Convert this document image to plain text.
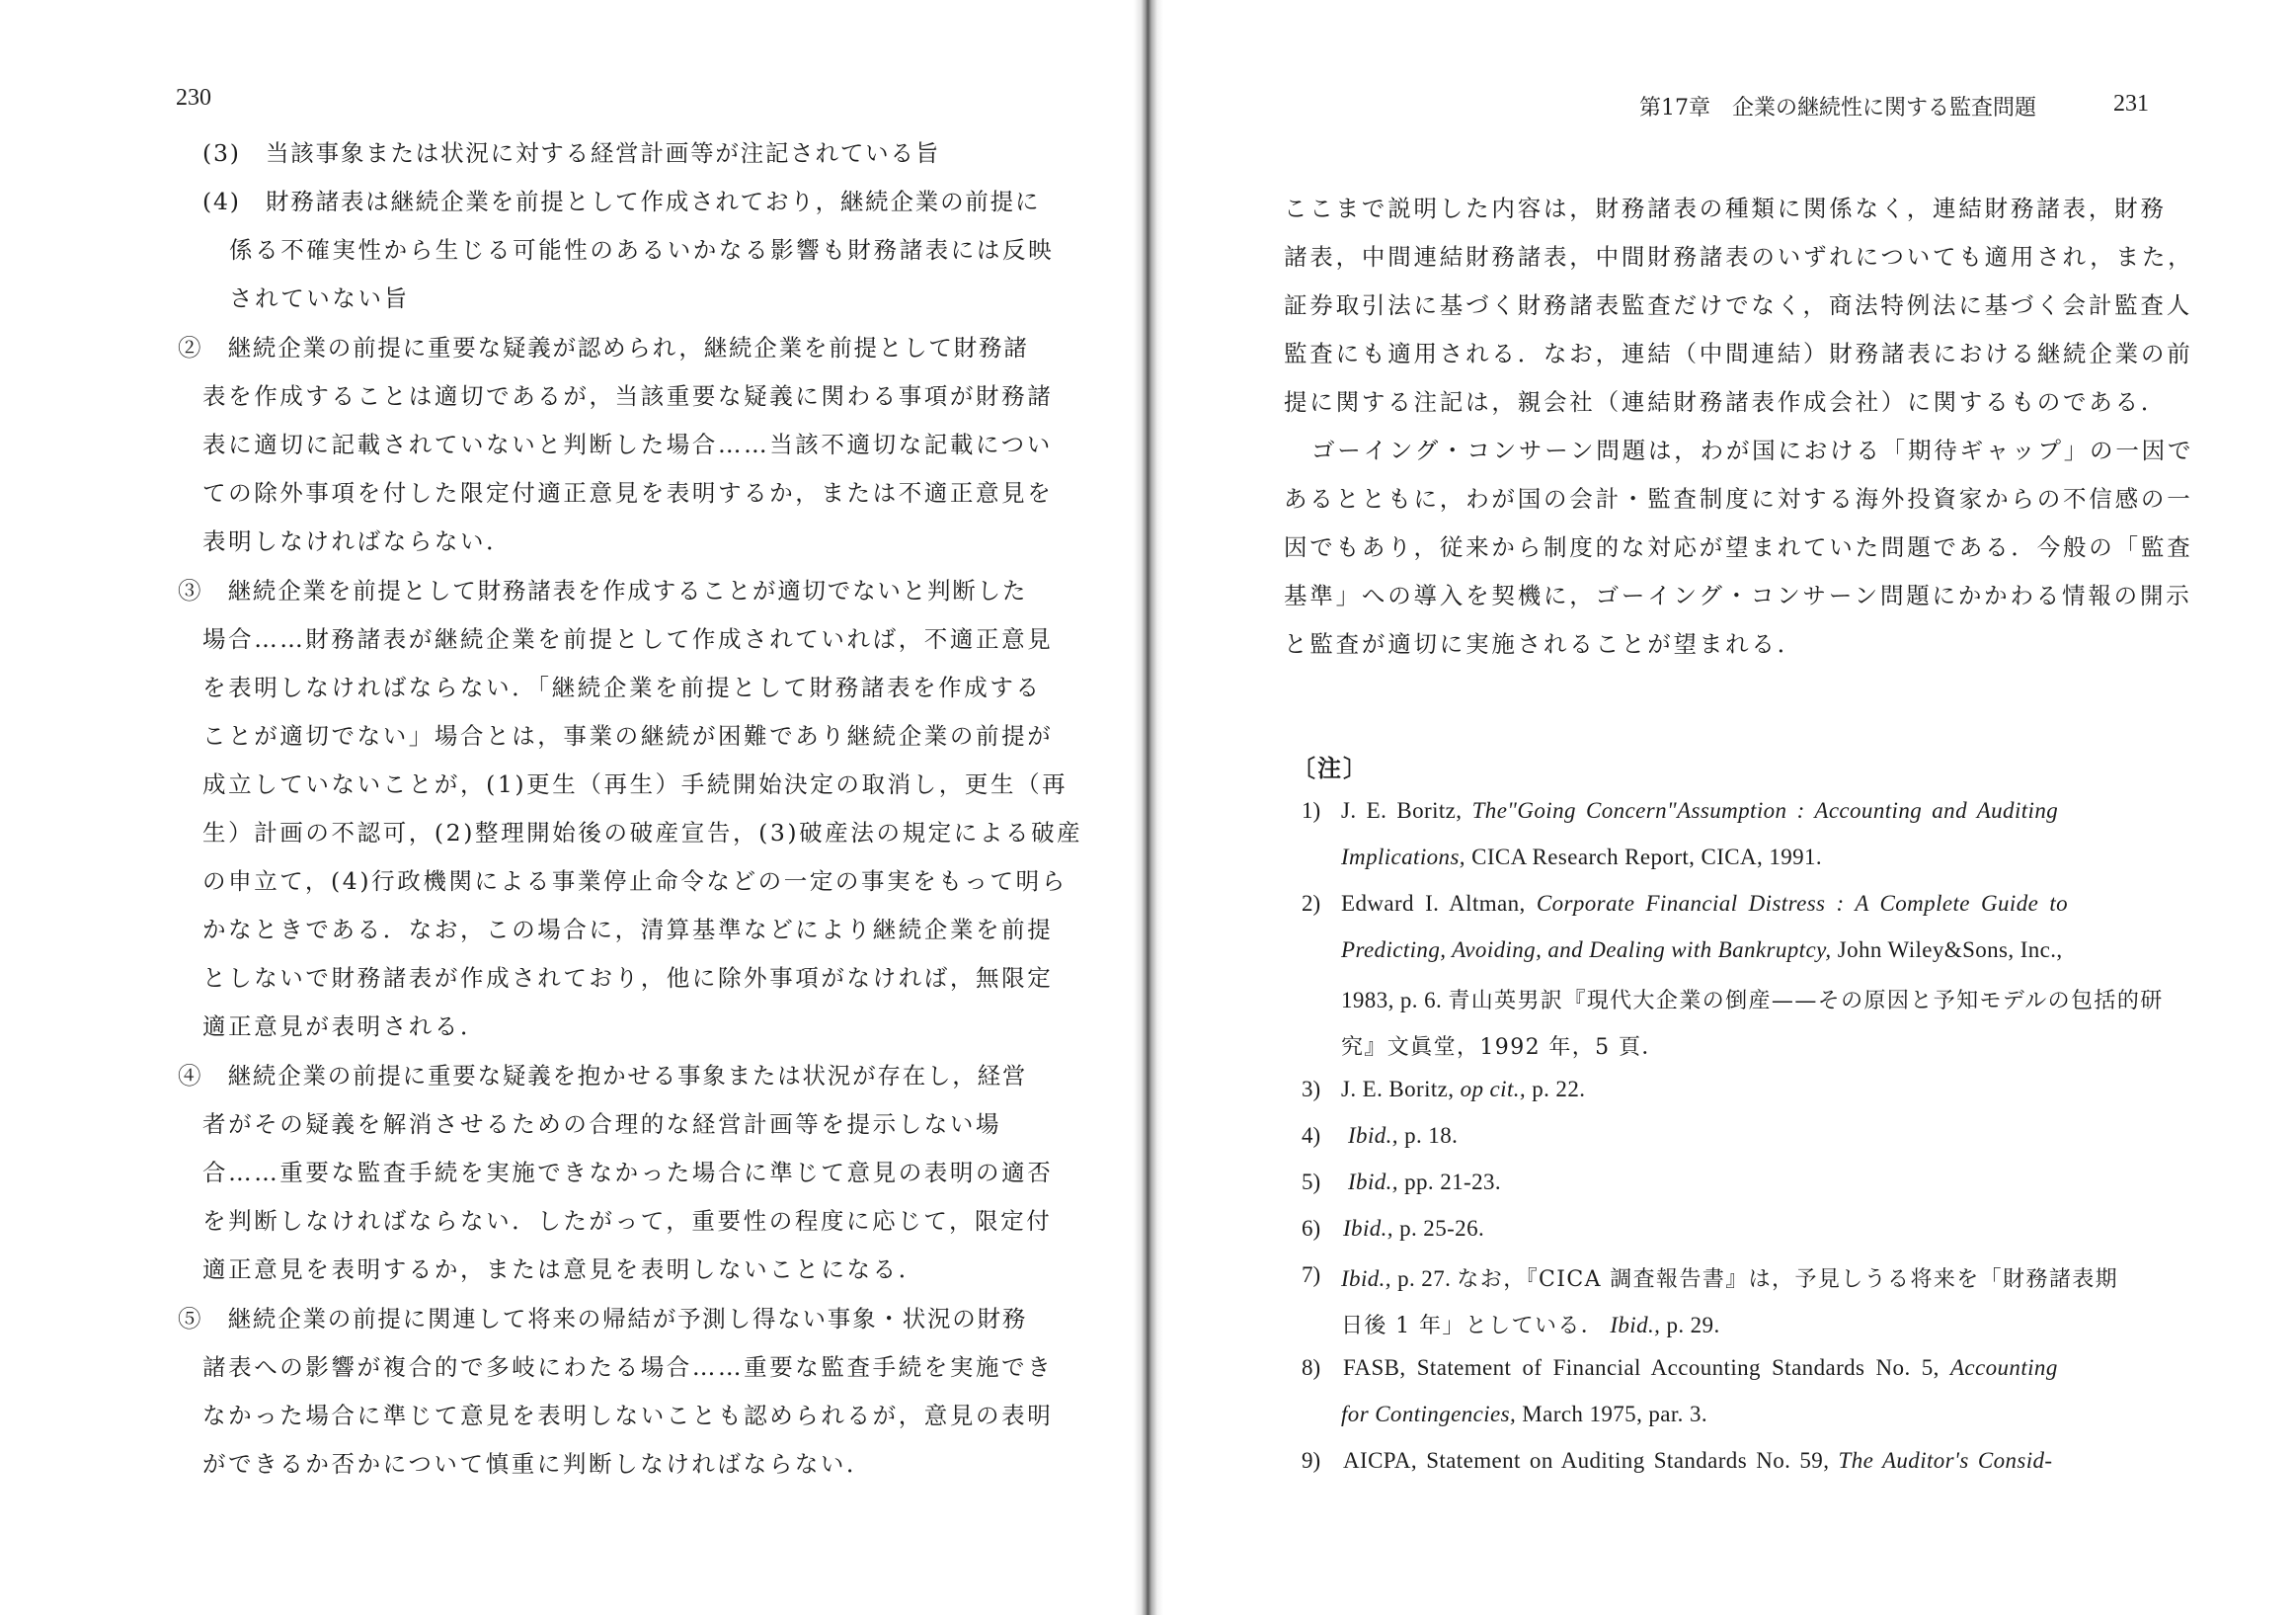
230
(3)　当該事象または状況に対する経営計画等が注記されている旨
(4)　財務諸表は継続企業を前提として作成されており，継続企業の前提に
係る不確実性から生じる可能性のあるいかなる影響も財務諸表には反映
されていない旨
②　継続企業の前提に重要な疑義が認められ，継続企業を前提として財務諸
表を作成することは適切であるが，当該重要な疑義に関わる事項が財務諸
表に適切に記載されていないと判断した場合……当該不適切な記載につい
ての除外事項を付した限定付適正意見を表明するか，または不適正意見を
表明しなければならない．
③　継続企業を前提として財務諸表を作成することが適切でないと判断した
場合……財務諸表が継続企業を前提として作成されていれば，不適正意見
を表明しなければならない．「継続企業を前提として財務諸表を作成する
ことが適切でない」場合とは，事業の継続が困難であり継続企業の前提が
成立していないことが，(1)更生（再生）手続開始決定の取消し，更生（再
生）計画の不認可，(2)整理開始後の破産宣告，(3)破産法の規定による破産
の申立て，(4)行政機関による事業停止命令などの一定の事実をもって明ら
かなときである．なお，この場合に，清算基準などにより継続企業を前提
としないで財務諸表が作成されており，他に除外事項がなければ，無限定
適正意見が表明される．
④　継続企業の前提に重要な疑義を抱かせる事象または状況が存在し，経営
者がその疑義を解消させるための合理的な経営計画等を提示しない場
合……重要な監査手続を実施できなかった場合に準じて意見の表明の適否
を判断しなければならない．したがって，重要性の程度に応じて，限定付
適正意見を表明するか，または意見を表明しないことになる．
⑤　継続企業の前提に関連して将来の帰結が予測し得ない事象・状況の財務
諸表への影響が複合的で多岐にわたる場合……重要な監査手続を実施でき
なかった場合に準じて意見を表明しないことも認められるが，意見の表明
ができるか否かについて慎重に判断しなければならない．
第17章　企業の継続性に関する監査問題	231
ここまで説明した内容は，財務諸表の種類に関係なく，連結財務諸表，財務
諸表，中間連結財務諸表，中間財務諸表のいずれについても適用され，また，
証券取引法に基づく財務諸表監査だけでなく，商法特例法に基づく会計監査人
監査にも適用される．なお，連結（中間連結）財務諸表における継続企業の前
提に関する注記は，親会社（連結財務諸表作成会社）に関するものである．
ゴーイング・コンサーン問題は，わが国における「期待ギャップ」の一因で
あるとともに，わが国の会計・監査制度に対する海外投資家からの不信感の一
因でもあり，従来から制度的な対応が望まれていた問題である．今般の「監査
基準」への導入を契機に，ゴーイング・コンサーン問題にかかわる情報の開示
と監査が適切に実施されることが望まれる．
〔注〕
1) J. E. Boritz, The"Going Concern"Assumption : Accounting and Auditing
Implications, CICA Research Report, CICA, 1991.
2) Edward I. Altman, Corporate Financial Distress : A Complete Guide to
Predicting, Avoiding, and Dealing with Bankruptcy, John Wiley&Sons, Inc.,
1983, p. 6. 青山英男訳『現代大企業の倒産——その原因と予知モデルの包括的研
究』文眞堂，1992 年，5 頁．
3) J. E. Boritz, op cit., p. 22.
4) Ibid., p. 18.
5) Ibid., pp. 21-23.
6) Ibid., p. 25-26.
7) Ibid., p. 27. なお，『CICA 調査報告書』は，予見しうる将来を「財務諸表期
日後 1 年」としている． Ibid., p. 29.
8) FASB, Statement of Financial Accounting Standards No. 5, Accounting
for Contingencies, March 1975, par. 3.
9) AICPA, Statement on Auditing Standards No. 59, The Auditor's Consid-
